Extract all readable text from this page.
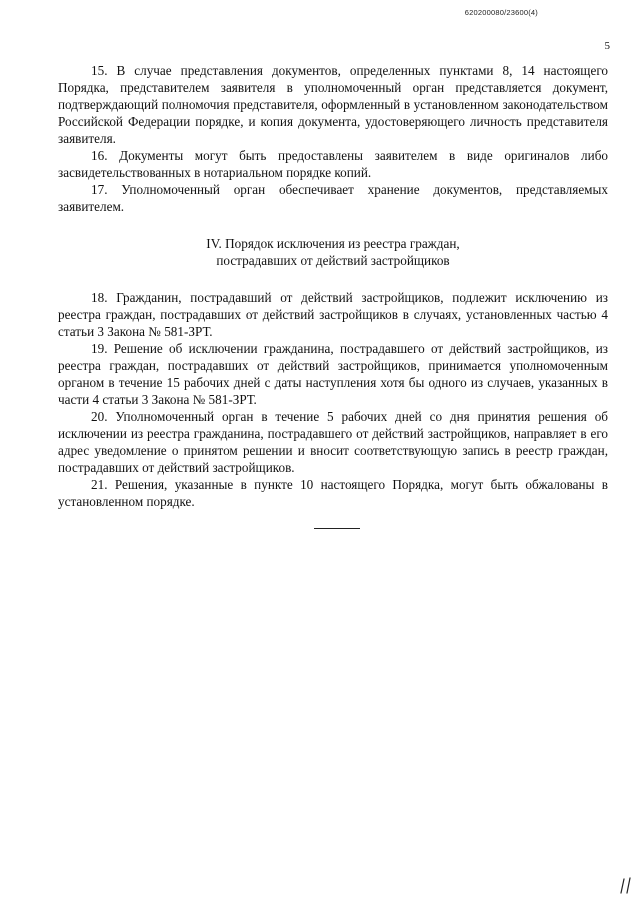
620200080/23600(4)
5

15. В случае представления документов, определенных пунктами 8, 14 настоящего Порядка, представителем заявителя в уполномоченный орган представляется документ, подтверждающий полномочия представителя, оформленный в установленном законодательством Российской Федерации порядке, и копия документа, удостоверяющего личность представителя заявителя.

16. Документы могут быть предоставлены заявителем в виде оригиналов либо засвидетельствованных в нотариальном порядке копий.

17. Уполномоченный орган обеспечивает хранение документов, представляемых заявителем.

IV. Порядок исключения из реестра граждан,
пострадавших от действий застройщиков

18. Гражданин, пострадавший от действий застройщиков, подлежит исключению из реестра граждан, пострадавших от действий застройщиков в случаях, установленных частью 4 статьи 3 Закона № 581-ЗРТ.

19. Решение об исключении гражданина, пострадавшего от действий застройщиков, из реестра граждан, пострадавших от действий застройщиков, принимается уполномоченным органом в течение 15 рабочих дней с даты наступления хотя бы одного из случаев, указанных в части 4 статьи 3 Закона № 581-ЗРТ.

20. Уполномоченный орган в течение 5 рабочих дней со дня принятия решения об исключении из реестра гражданина, пострадавшего от действий застройщиков, направляет в его адрес уведомление о принятом решении и вносит соответствующую запись в реестр граждан, пострадавших от действий застройщиков.

21. Решения, указанные в пункте 10 настоящего Порядка, могут быть обжалованы в установленном порядке.
